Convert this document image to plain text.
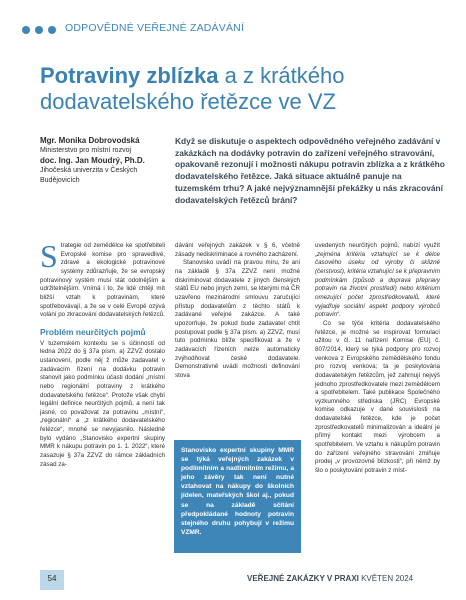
ODPOVĚDNÉ VEŘEJNÉ ZADÁVÁNÍ
Potraviny zblízka a z krátkého dodavatelského řetězce ve VZ
Mgr. Monika Dobrovodská
Ministerstvo pro místní rozvoj
doc. Ing. Jan Moudrý, Ph.D.
Jihočeská univerzita v Českých Budějovicích
Když se diskutuje o aspektech odpovědného veřejného zadávání v zakázkách na dodávky potravin do zařízení veřejného stravování, opakovaně rezonují i možnosti nákupu potravin zblízka a z krátkého dodavatelského řetězce. Jaká situace aktuálně panuje na tuzemském trhu? A jaké nejvýznamnější překážky u nás zkracování dodavatelských řetězců brání?

Strategie od zemědělce ke spotřebiteli Evropské komise pro spravedlivé, zdravé a ekologické potravinové systémy zdůrazňuje, že se evropský potravinový systém musí stát odolnějším a udržitelnějším. Vnímá i to, že lidé chtějí mít bližší vztah k potravinám, které spotřebovávají, a že se v celé Evropě ozývá volání po zkracování dodavatelských řetězců.

Problém neurčitých pojmů

V tuzemském kontextu se s účinností od ledna 2022 do § 37a písm. a) ZZVZ dostalo ustanovení, podle něj ž může zadavatel v zadávacím řízení na dodávku potravin stanovit jako podmínku účasti dodání „místní nebo regionální potraviny z krátkého dodavatelského řetězce“. Protože však chybí legální definice neurčitých pojmů, a není tak jasné, co považovat za potravinu „místní“, „regionální“ a „z krátkého dodavatelského řetězce“, mnohé se nevyjasnilo. Následně bylo vydáno „Stanovisko expertní skupiny MMR k nákupu potravin po 1. 1. 2022“, které zasazuje § 37a ZZVZ do rámce základních zásad za-

dávání veřejných zakázek v § 6, včetně zásady nediskriminace a rovného zacházení.

Stanovisko uvádí na pravou míru, že ani na základě § 37a ZZVZ není možné diskriminovat dodavatele z jiných členských států EU nebo jiných zemí, se kterými má ČR uzavřeno mezinárodní smlouvu zaručující přístup dodavatelům z těchto států k zadávané veřejné zakázce. A také upozorňuje, že pokud bude zadavatel chtít postupovat podle § 37a písm. a) ZZVZ, musí tuto podmínku blíže specifikovat a že v zadávacích řízeních nelze automaticky zvýhodňovat české dodavatele. Demonstrativně uvádí možnosti definování stova

Stanovisko expertní skupiny MMR se týká veřejných zakázek v podlimitním a nadlimitním režimu, a jeho závěry tak není nutné vztahovat na nákupy do školních jídelen, mateřských škol aj., pokud se na základě sčítání předpokládané hodnoty potravin stejného druhu pohybují v režimu VZMR.

uvedených neurčitých pojmů, nabízí využít „zejména kritéria vztahující se k délce časového úseku od výroby či sklizně (čerstvost), kritéria vztahující se k přepravním podmínkám (způsob a doprava přepravy potravin na životní prostředí) nebo kritérium omezující počet zprostředkovatelů, které vyjadřuje sociální aspekt podpory výrobců potravin“.

Co se týče kritéria dodavatelského řetězce, je možné se inspirovat formulací užitou v čl. 11 nařízení Komise (EU) č. 807/2014, který se týká podpory pro rozvoj venkova z Evropského zemědělského fondu pro rozvoj venkova; ta je poskytována dodavatelským řetězcům, jež zahrnují nejvýš jednoho zprostředkovatele mezi zemědělcem a spotřebitelem. Také publikace Společného výzkumného střediska (JRC) Evropské komise odkazuje v dané souvislosti na dodavatelské řetězce, kde je počet zprostředkovatelů minimalizován a ideální je přímý kontakt mezi výrobcem a spotřebitelem. Ve vztahu k nákupům potravin do zařízení veřejného stravování zmiňuje prodej „v provozovně blízkosti“, při němž by šlo o poskytování potravin z míst-

54	VEŘEJNÉ ZAKÁZKY V PRAXI KVĚTEN 2024
